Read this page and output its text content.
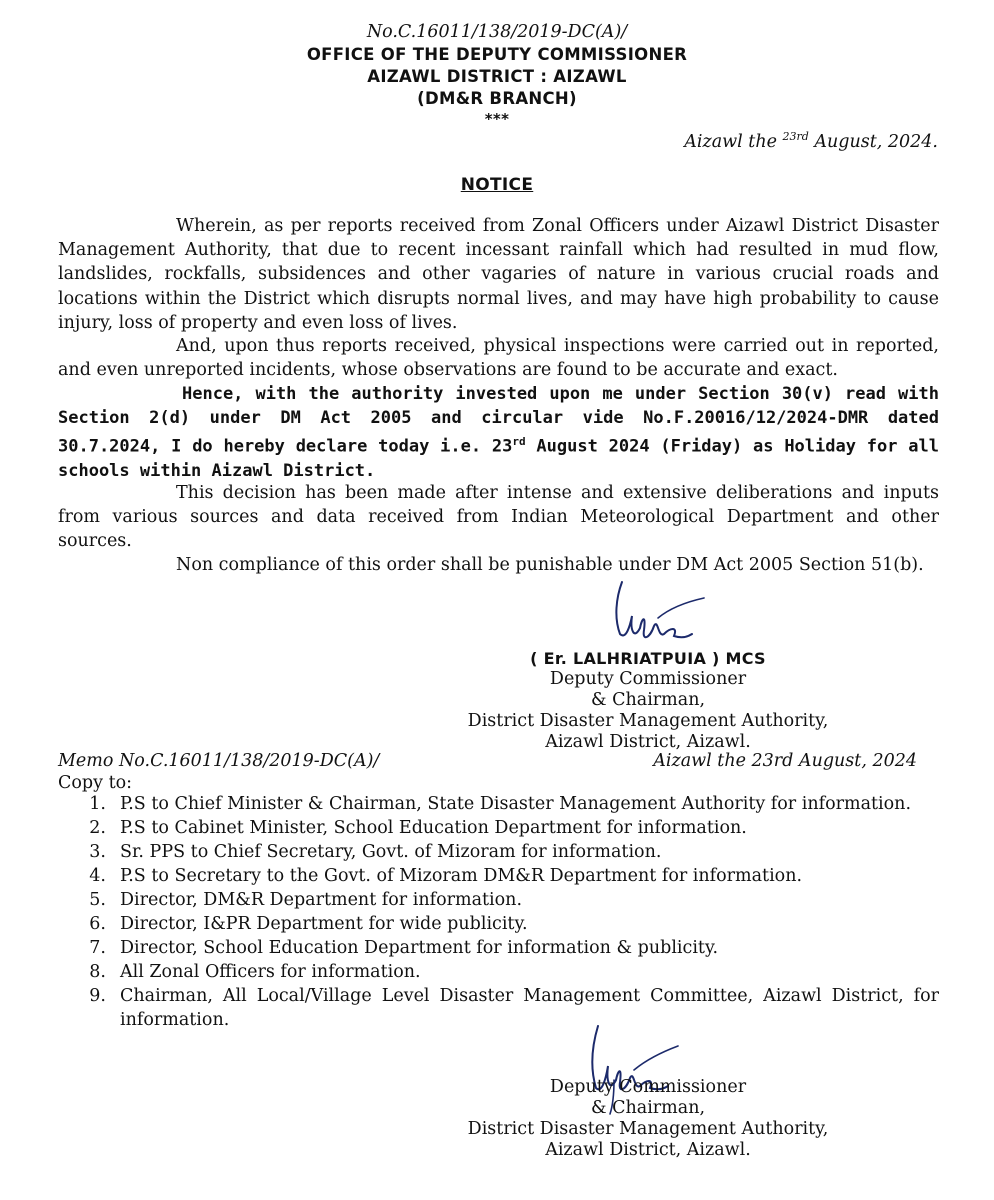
No.C.16011/138/2019-DC(A)/
OFFICE OF THE DEPUTY COMMISSIONER
AIZAWL DISTRICT : AIZAWL
(DM&R BRANCH)
***
Aizawl the $^{23rd}$ August, 2024.
NOTICE
Wherein, as per reports received from Zonal Officers under Aizawl District Disaster Management Authority, that due to recent incessant rainfall which had resulted in mud flow, landslides, rockfalls, subsidences and other vagaries of nature in various crucial roads and locations within the District which disrupts normal lives, and may have high probability to cause injury, loss of property and even loss of lives.
And, upon thus reports received, physical inspections were carried out in reported, and even unreported incidents, whose observations are found to be accurate and exact.
Hence, with the authority invested upon me under Section 30(v) read with Section 2(d) under DM Act 2005 and circular vide No.F.20016/12/2024-DMR dated 30.7.2024, I do hereby declare today i.e. 23rd August 2024 (Friday) as Holiday for all schools within Aizawl District.
This decision has been made after intense and extensive deliberations and inputs from various sources and data received from Indian Meteorological Department and other sources.
Non compliance of this order shall be punishable under DM Act 2005 Section 51(b).
( Er. LALHRIATPUIA ) MCS
Deputy Commissioner
& Chairman,
District Disaster Management Authority,
Aizawl District, Aizawl.
Memo No.C.16011/138/2019-DC(A)/	Aizawl the 23rd August, 2024
Copy to:
1. P.S to Chief Minister & Chairman, State Disaster Management Authority for information.
2. P.S to Cabinet Minister, School Education Department for information.
3. Sr. PPS to Chief Secretary, Govt. of Mizoram for information.
4. P.S to Secretary to the Govt. of Mizoram DM&R Department for information.
5. Director, DM&R Department for information.
6. Director, I&PR Department for wide publicity.
7. Director, School Education Department for information & publicity.
8. All Zonal Officers for information.
9. Chairman, All Local/Village Level Disaster Management Committee, Aizawl District, for information.
Deputy Commissioner
& Chairman,
District Disaster Management Authority,
Aizawl District, Aizawl.
